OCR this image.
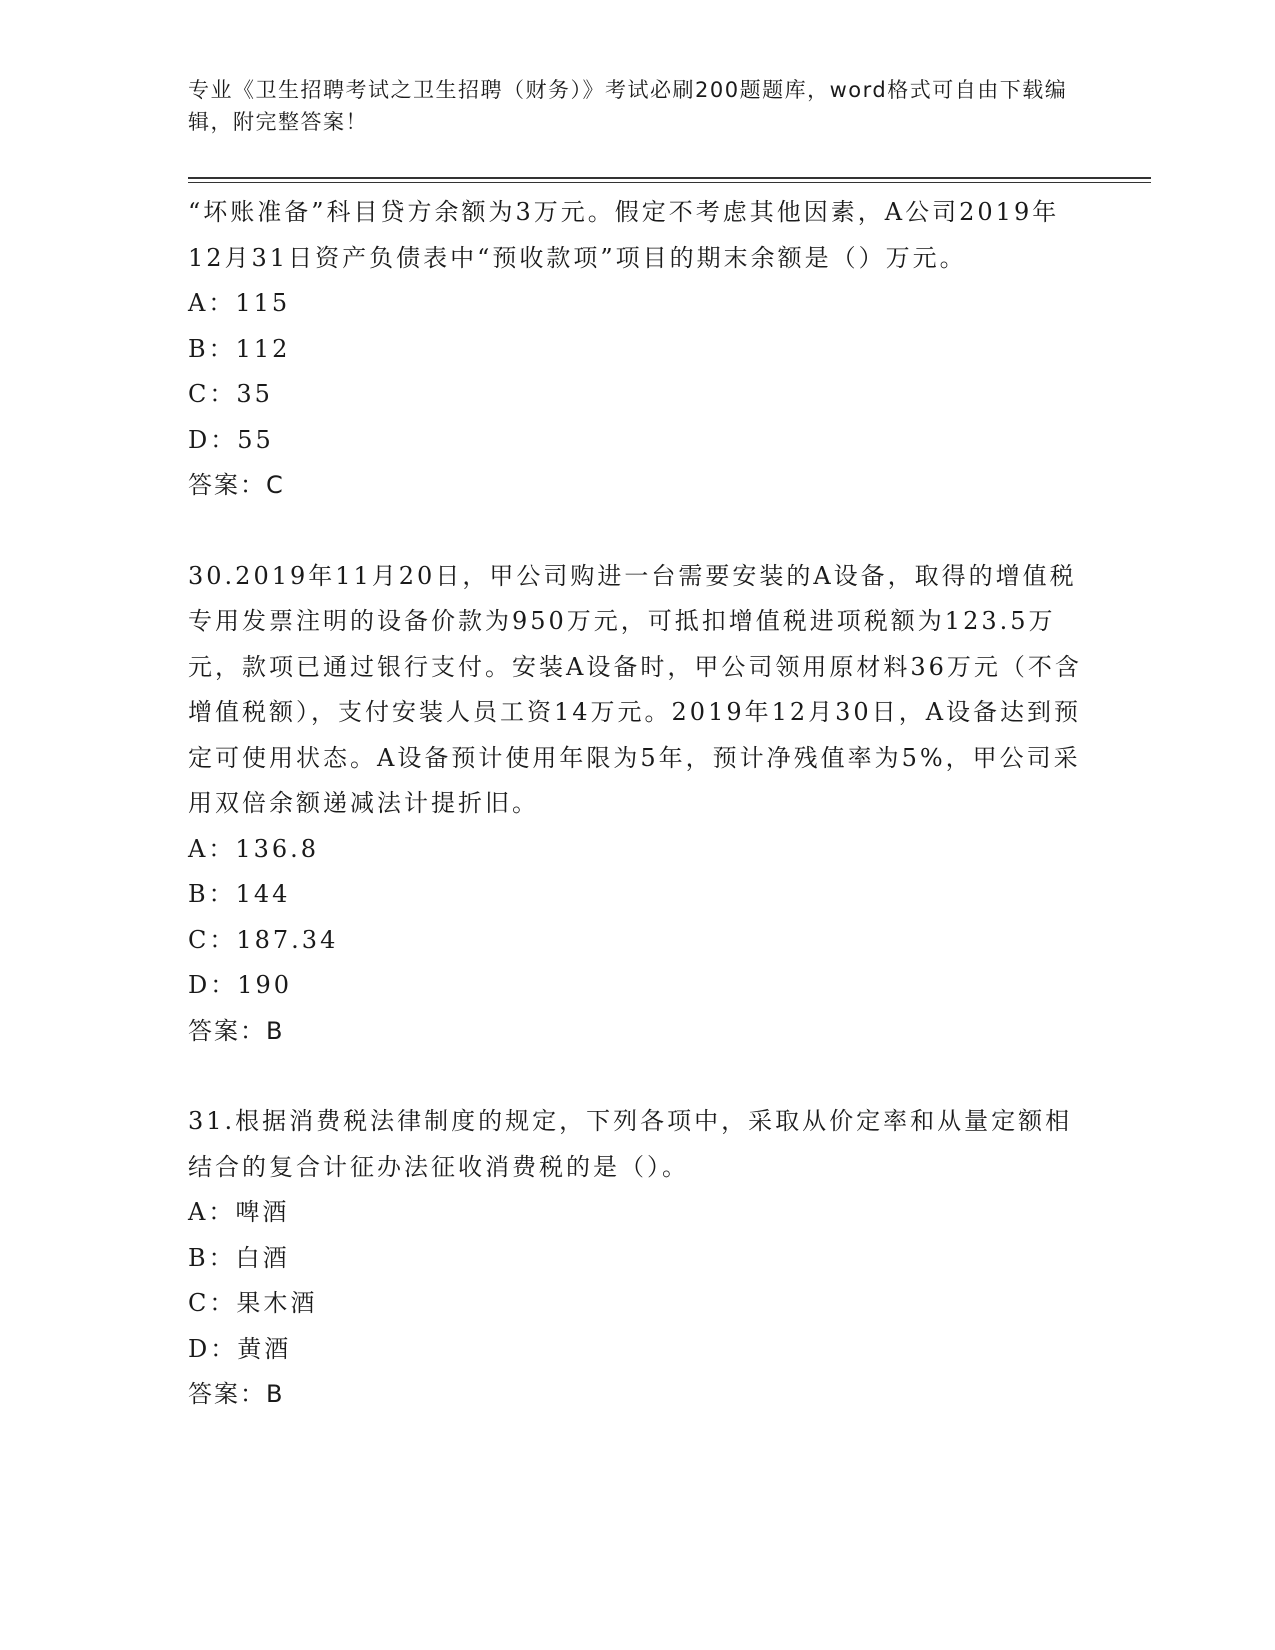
专业《卫生招聘考试之卫生招聘（财务）》考试必刷200题题库，word格式可自由下载编辑，附完整答案！

“坏账准备”科目贷方余额为3万元。假定不考虑其他因素，A公司2019年12月31日资产负债表中“预收款项”项目的期末余额是（）万元。

A：115

B：112

C：35

D：55

答案：C

30.2019年11月20日，甲公司购进一台需要安装的A设备，取得的增值税专用发票注明的设备价款为950万元，可抵扣增值税进项税额为123.5万元，款项已通过银行支付。安装A设备时，甲公司领用原材料36万元（不含增值税额），支付安装人员工资14万元。2019年12月30日，A设备达到预定可使用状态。A设备预计使用年限为5年，预计净残值率为5%，甲公司采用双倍余额递减法计提折旧。

A：136.8

B：144

C：187.34

D：190

答案：B

31.根据消费税法律制度的规定，下列各项中，采取从价定率和从量定额相结合的复合计征办法征收消费税的是（）。

A：啤酒

B：白酒

C：果木酒

D：黄酒

答案：B
